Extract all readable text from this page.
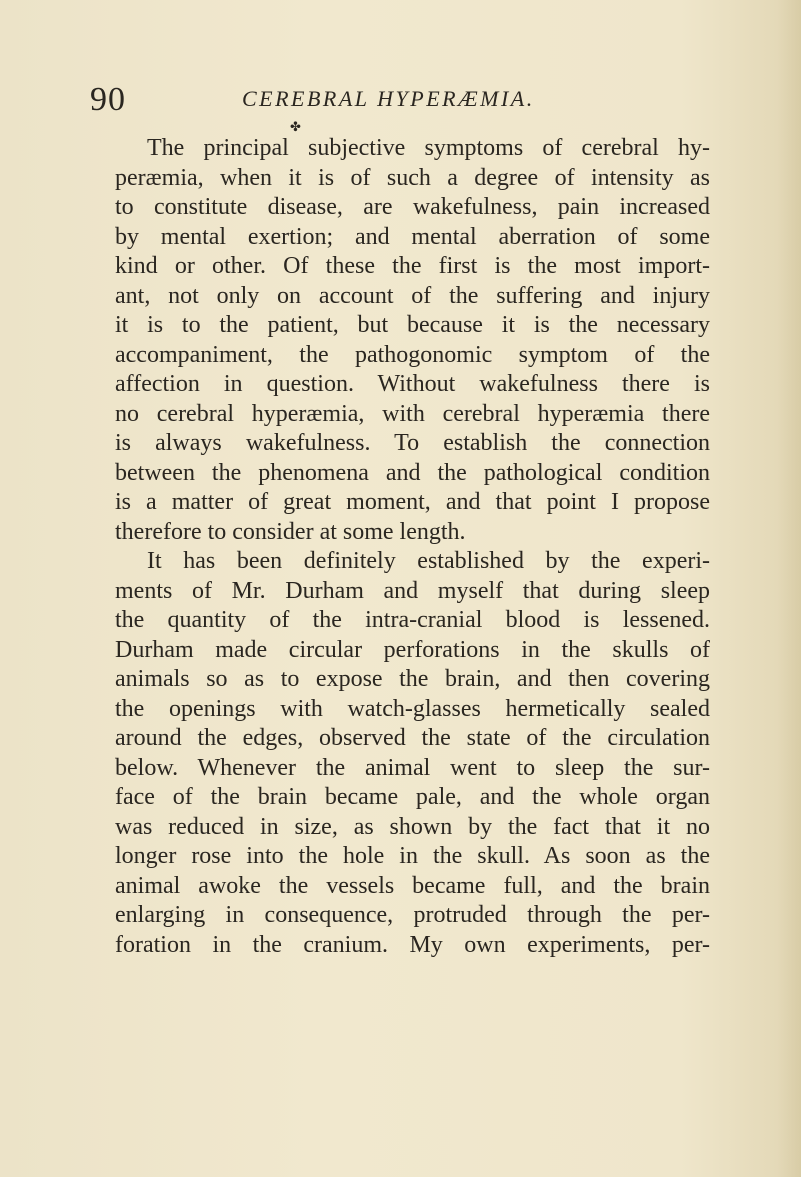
90	CEREBRAL HYPERÆMIA.
✤
The principal subjective symptoms of cerebral hy-
peræmia, when it is of such a degree of intensity as
to constitute disease, are wakefulness, pain increased
by mental exertion; and mental aberration of some
kind or other. Of these the first is the most import-
ant, not only on account of the suffering and injury
it is to the patient, but because it is the necessary
accompaniment, the pathogonomic symptom of the
affection in question. Without wakefulness there is
no cerebral hyperæmia, with cerebral hyperæmia there
is always wakefulness. To establish the connection
between the phenomena and the pathological condition
is a matter of great moment, and that point I propose
therefore to consider at some length.
It has been definitely established by the experi-
ments of Mr. Durham and myself that during sleep
the quantity of the intra-cranial blood is lessened.
Durham made circular perforations in the skulls of
animals so as to expose the brain, and then covering
the openings with watch-glasses hermetically sealed
around the edges, observed the state of the circulation
below. Whenever the animal went to sleep the sur-
face of the brain became pale, and the whole organ
was reduced in size, as shown by the fact that it no
longer rose into the hole in the skull. As soon as the
animal awoke the vessels became full, and the brain
enlarging in consequence, protruded through the per-
foration in the cranium. My own experiments, per-
